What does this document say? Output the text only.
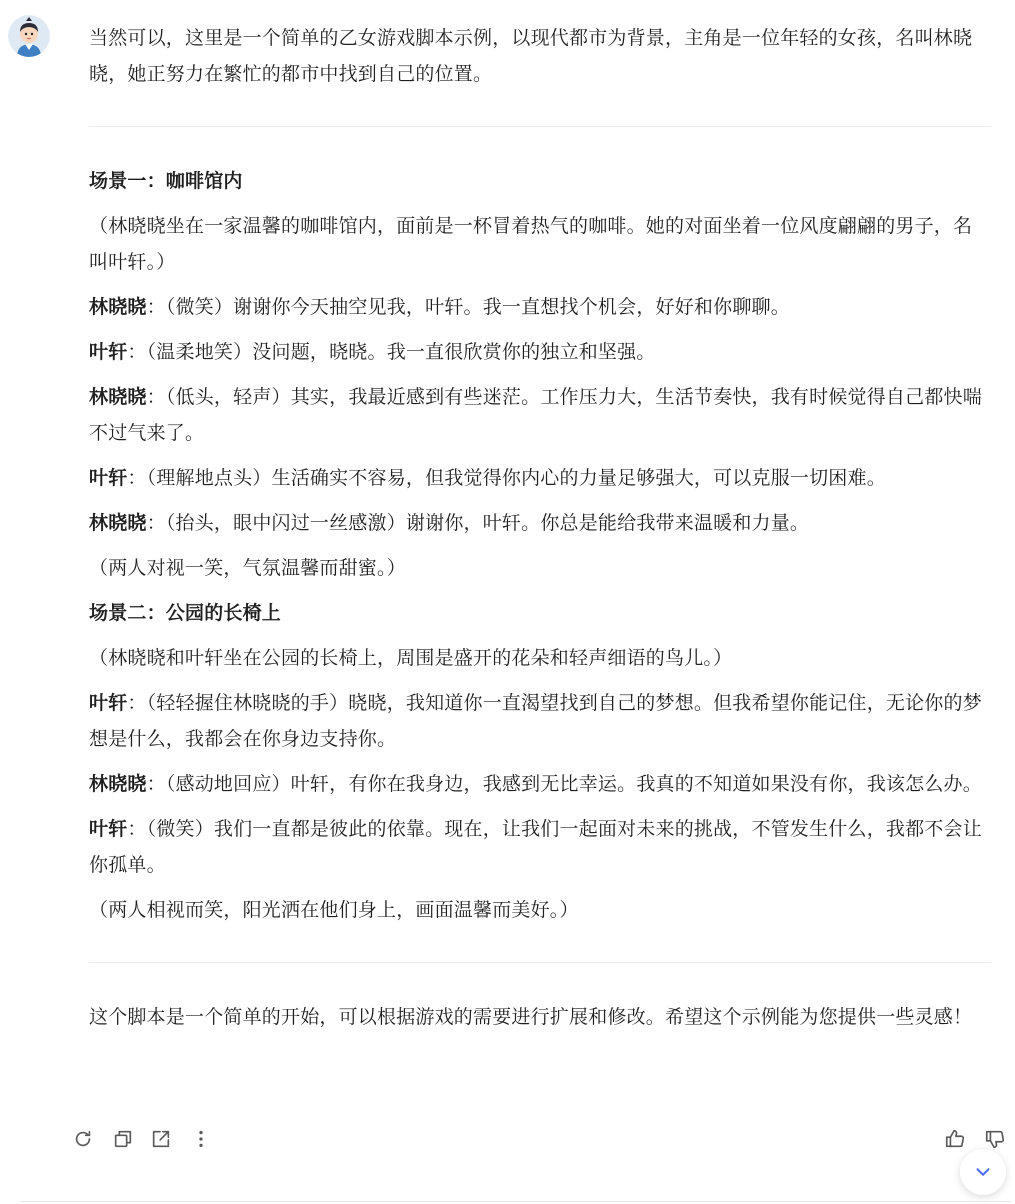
当然可以，这里是一个简单的乙女游戏脚本示例，以现代都市为背景，主角是一位年轻的女孩，名叫林晓晓，她正努力在繁忙的都市中找到自己的位置。

场景一：咖啡馆内

（林晓晓坐在一家温馨的咖啡馆内，面前是一杯冒着热气的咖啡。她的对面坐着一位风度翩翩的男子，名叫叶轩。）

林晓晓：（微笑）谢谢你今天抽空见我，叶轩。我一直想找个机会，好好和你聊聊。

叶轩：（温柔地笑）没问题，晓晓。我一直很欣赏你的独立和坚强。

林晓晓：（低头，轻声）其实，我最近感到有些迷茫。工作压力大，生活节奏快，我有时候觉得自己都快喘不过气来了。

叶轩：（理解地点头）生活确实不容易，但我觉得你内心的力量足够强大，可以克服一切困难。

林晓晓：（抬头，眼中闪过一丝感激）谢谢你，叶轩。你总是能给我带来温暖和力量。

（两人对视一笑，气氛温馨而甜蜜。）

场景二：公园的长椅上

（林晓晓和叶轩坐在公园的长椅上，周围是盛开的花朵和轻声细语的鸟儿。）

叶轩：（轻轻握住林晓晓的手）晓晓，我知道你一直渴望找到自己的梦想。但我希望你能记住，无论你的梦想是什么，我都会在你身边支持你。

林晓晓：（感动地回应）叶轩，有你在我身边，我感到无比幸运。我真的不知道如果没有你，我该怎么办。

叶轩：（微笑）我们一直都是彼此的依靠。现在，让我们一起面对未来的挑战，不管发生什么，我都不会让你孤单。

（两人相视而笑，阳光洒在他们身上，画面温馨而美好。）

这个脚本是一个简单的开始，可以根据游戏的需要进行扩展和修改。希望这个示例能为您提供一些灵感！
